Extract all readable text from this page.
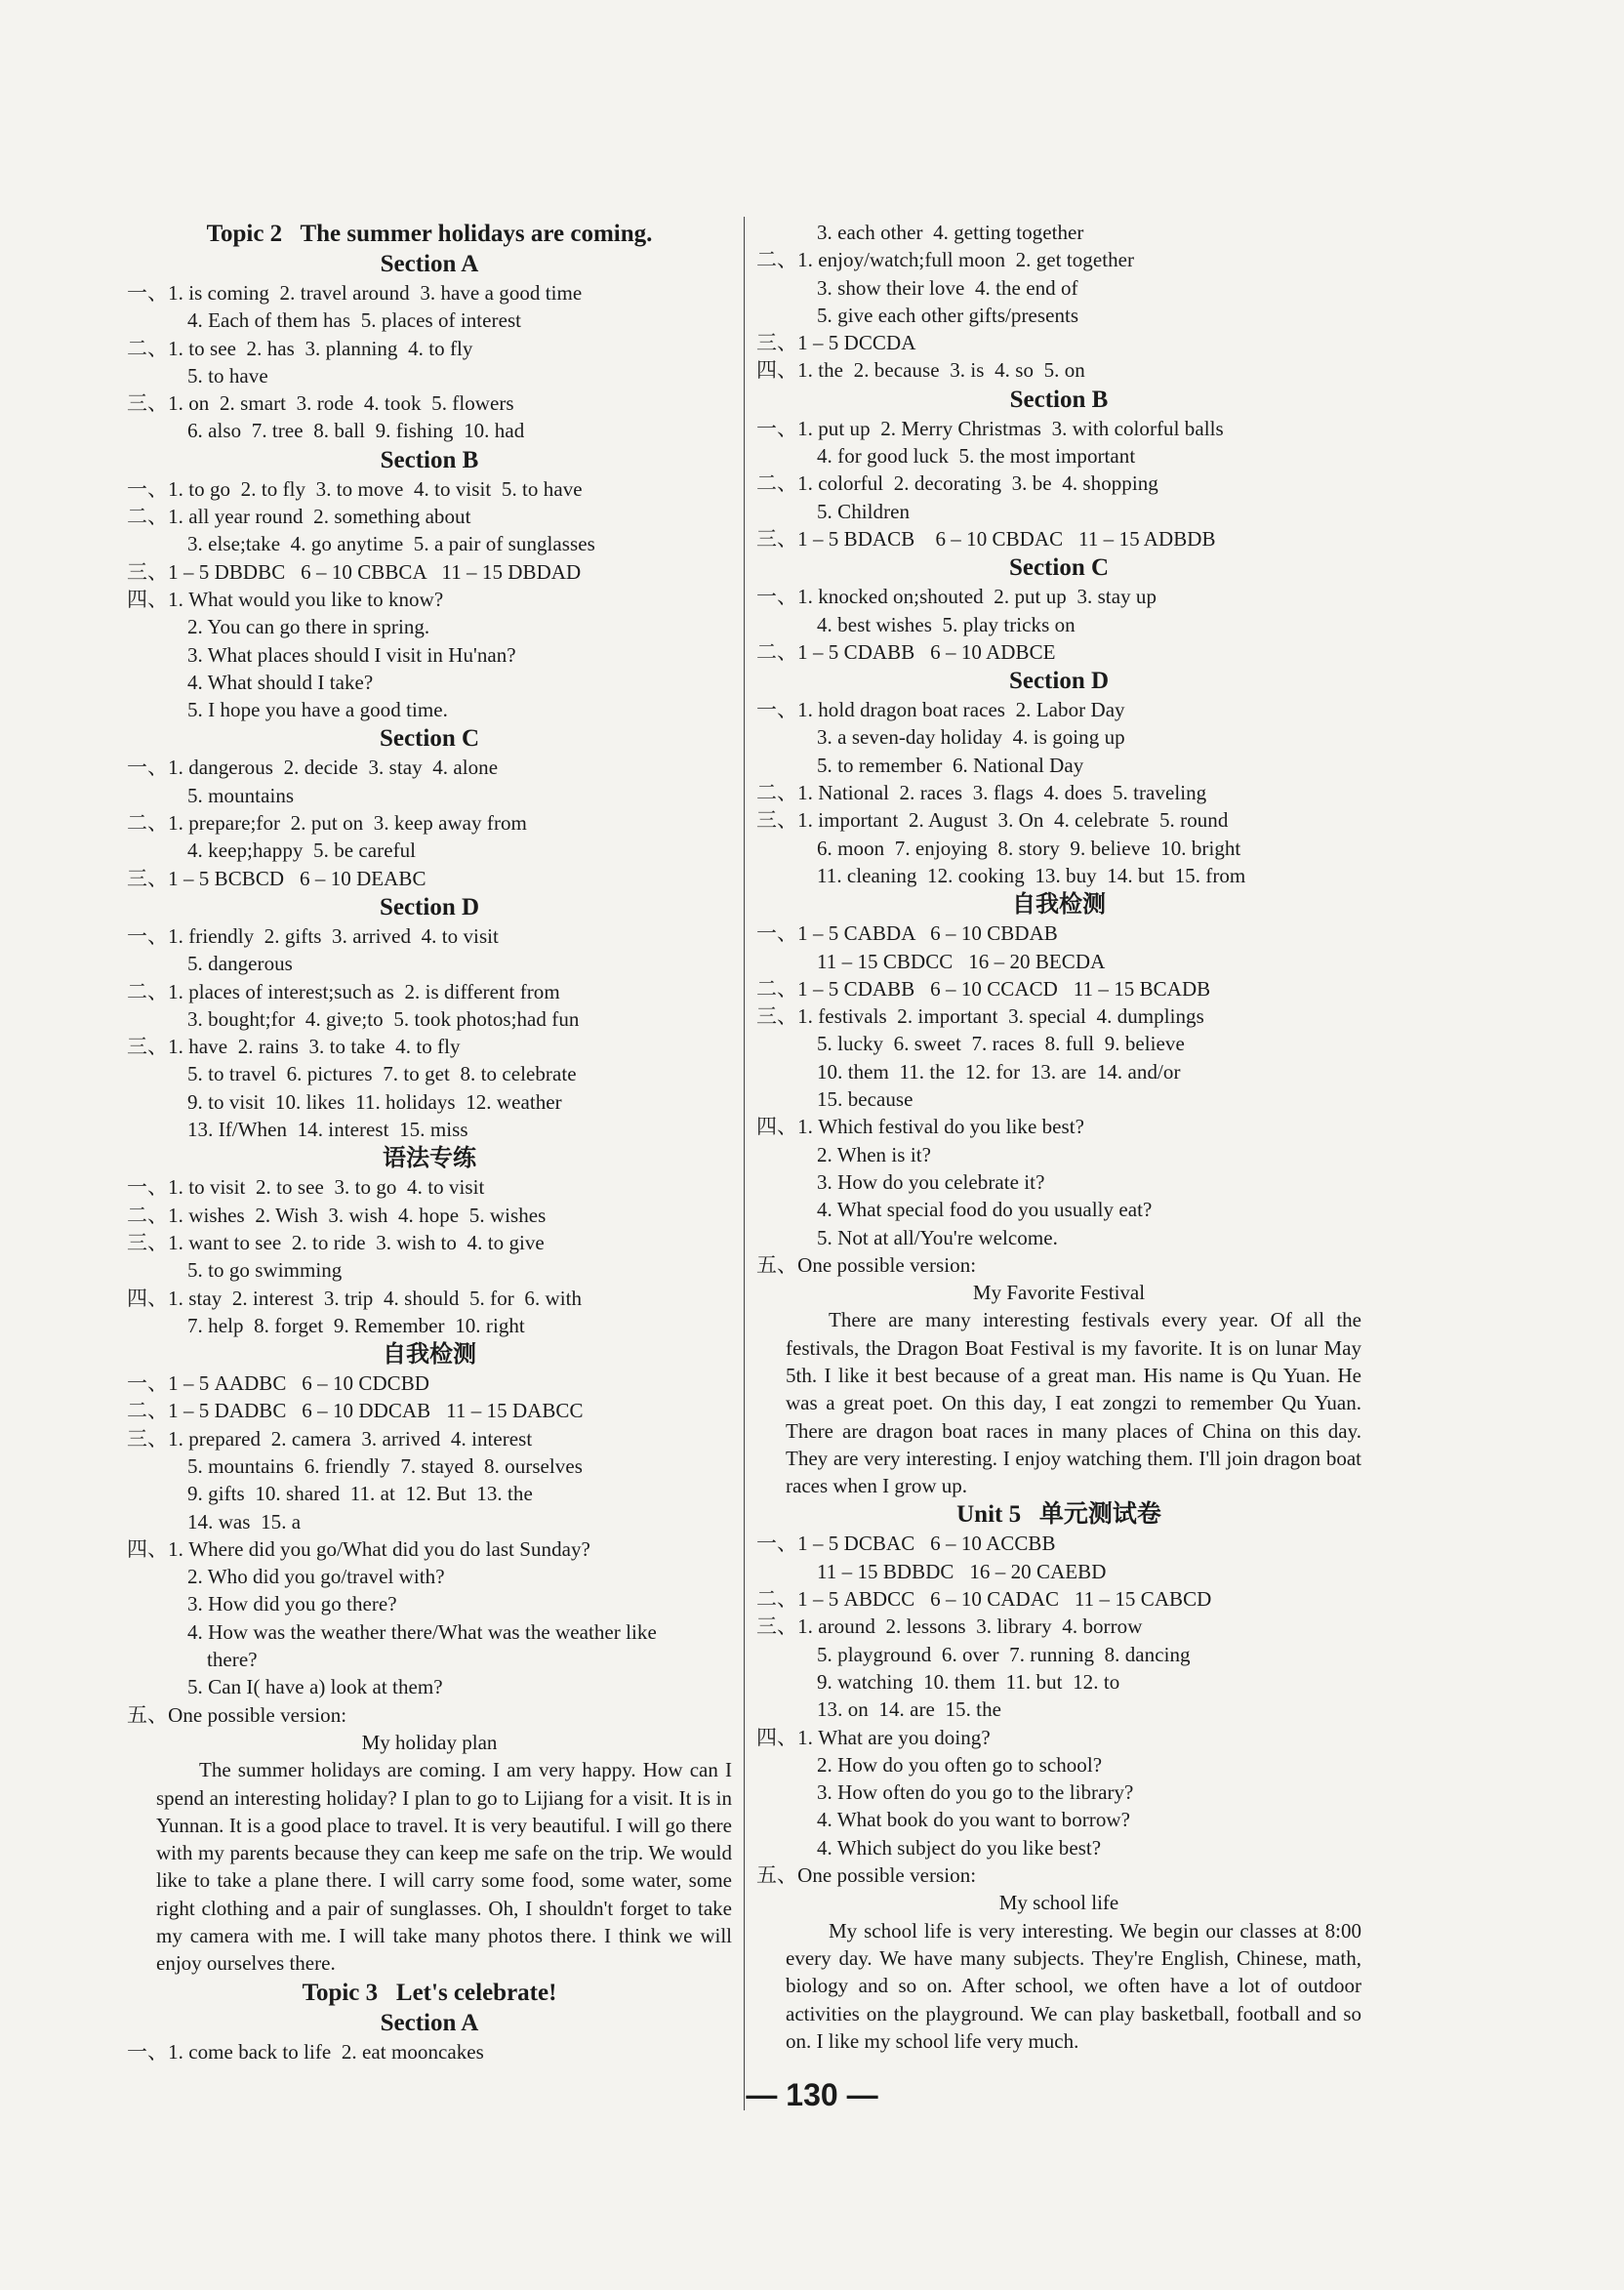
Topic 2   The summer holidays are coming.
Section A
一、1. is coming  2. travel around  3. have a good time
4. Each of them has  5. places of interest
二、1. to see  2. has  3. planning  4. to fly
5. to have
三、1. on  2. smart  3. rode  4. took  5. flowers
6. also  7. tree  8. ball  9. fishing  10. had
Section B
一、1. to go  2. to fly  3. to move  4. to visit  5. to have
二、1. all year round  2. something about
3. else;take  4. go anytime  5. a pair of sunglasses
三、1 – 5 DBDBC   6 – 10 CBBCA   11 – 15 DBDAD
四、1. What would you like to know?
2. You can go there in spring.
3. What places should I visit in Hu'nan?
4. What should I take?
5. I hope you have a good time.
Section C
一、1. dangerous  2. decide  3. stay  4. alone
5. mountains
二、1. prepare;for  2. put on  3. keep away from
4. keep;happy  5. be careful
三、1 – 5 BCBCD   6 – 10 DEABC
Section D
一、1. friendly  2. gifts  3. arrived  4. to visit
5. dangerous
二、1. places of interest;such as  2. is different from
3. bought;for  4. give;to  5. took photos;had fun
三、1. have  2. rains  3. to take  4. to fly
5. to travel  6. pictures  7. to get  8. to celebrate
9. to visit  10. likes  11. holidays  12. weather
13. If/When  14. interest  15. miss
语法专练
一、1. to visit  2. to see  3. to go  4. to visit
二、1. wishes  2. Wish  3. wish  4. hope  5. wishes
三、1. want to see  2. to ride  3. wish to  4. to give
5. to go swimming
四、1. stay  2. interest  3. trip  4. should  5. for  6. with
7. help  8. forget  9. Remember  10. right
自我检测
一、1 – 5 AADBC   6 – 10 CDCBD
二、1 – 5 DADBC   6 – 10 DDCAB   11 – 15 DABCC
三、1. prepared  2. camera  3. arrived  4. interest
5. mountains  6. friendly  7. stayed  8. ourselves
9. gifts  10. shared  11. at  12. But  13. the
14. was  15. a
四、1. Where did you go/What did you do last Sunday?
2. Who did you go/travel with?
3. How did you go there?
4. How was the weather there/What was the weather like
there?
5. Can I( have a) look at them?
五、One possible version:
My holiday plan

The summer holidays are coming. I am very happy. How can I spend an interesting holiday? I plan to go to Lijiang for a visit. It is in Yunnan. It is a good place to travel. It is very beautiful. I will go there with my parents because they can keep me safe on the trip. We would like to take a plane there. I will carry some food, some water, some right clothing and a pair of sunglasses. Oh, I shouldn't forget to take my camera with me. I will take many photos there. I think we will enjoy ourselves there.

Topic 3   Let's celebrate!
Section A
一、1. come back to life  2. eat mooncakes
3. each other  4. getting together
二、1. enjoy/watch;full moon  2. get together
3. show their love  4. the end of
5. give each other gifts/presents
三、1 – 5 DCCDA
四、1. the  2. because  3. is  4. so  5. on
Section B
一、1. put up  2. Merry Christmas  3. with colorful balls
4. for good luck  5. the most important
二、1. colorful  2. decorating  3. be  4. shopping
5. Children
三、1 – 5 BDACB    6 – 10 CBDAC   11 – 15 ADBDB
Section C
一、1. knocked on;shouted  2. put up  3. stay up
4. best wishes  5. play tricks on
二、1 – 5 CDABB   6 – 10 ADBCE
Section D
一、1. hold dragon boat races  2. Labor Day
3. a seven-day holiday  4. is going up
5. to remember  6. National Day
二、1. National  2. races  3. flags  4. does  5. traveling
三、1. important  2. August  3. On  4. celebrate  5. round
6. moon  7. enjoying  8. story  9. believe  10. bright
11. cleaning  12. cooking  13. buy  14. but  15. from
自我检测
一、1 – 5 CABDA   6 – 10 CBDAB
11 – 15 CBDCC   16 – 20 BECDA
二、1 – 5 CDABB   6 – 10 CCACD   11 – 15 BCADB
三、1. festivals  2. important  3. special  4. dumplings
5. lucky  6. sweet  7. races  8. full  9. believe
10. them  11. the  12. for  13. are  14. and/or
15. because
四、1. Which festival do you like best?
2. When is it?
3. How do you celebrate it?
4. What special food do you usually eat?
5. Not at all/You're welcome.
五、One possible version:
My Favorite Festival

There are many interesting festivals every year. Of all the festivals, the Dragon Boat Festival is my favorite. It is on lunar May 5th. I like it best because of a great man. His name is Qu Yuan. He was a great poet. On this day, I eat zongzi to remember Qu Yuan. There are dragon boat races in many places of China on this day. They are very interesting. I enjoy watching them. I'll join dragon boat races when I grow up.

Unit 5   单元测试卷
一、1 – 5 DCBAC   6 – 10 ACCBB
11 – 15 BDBDC   16 – 20 CAEBD
二、1 – 5 ABDCC   6 – 10 CADAC   11 – 15 CABCD
三、1. around  2. lessons  3. library  4. borrow
5. playground  6. over  7. running  8. dancing
9. watching  10. them  11. but  12. to
13. on  14. are  15. the
四、1. What are you doing?
2. How do you often go to school?
3. How often do you go to the library?
4. What book do you want to borrow?
4. Which subject do you like best?
五、One possible version:
My school life

My school life is very interesting. We begin our classes at 8:00 every day. We have many subjects. They're English, Chinese, math, biology and so on. After school, we often have a lot of outdoor activities on the playground. We can play basketball, football and so on. I like my school life very much.

— 130 —
